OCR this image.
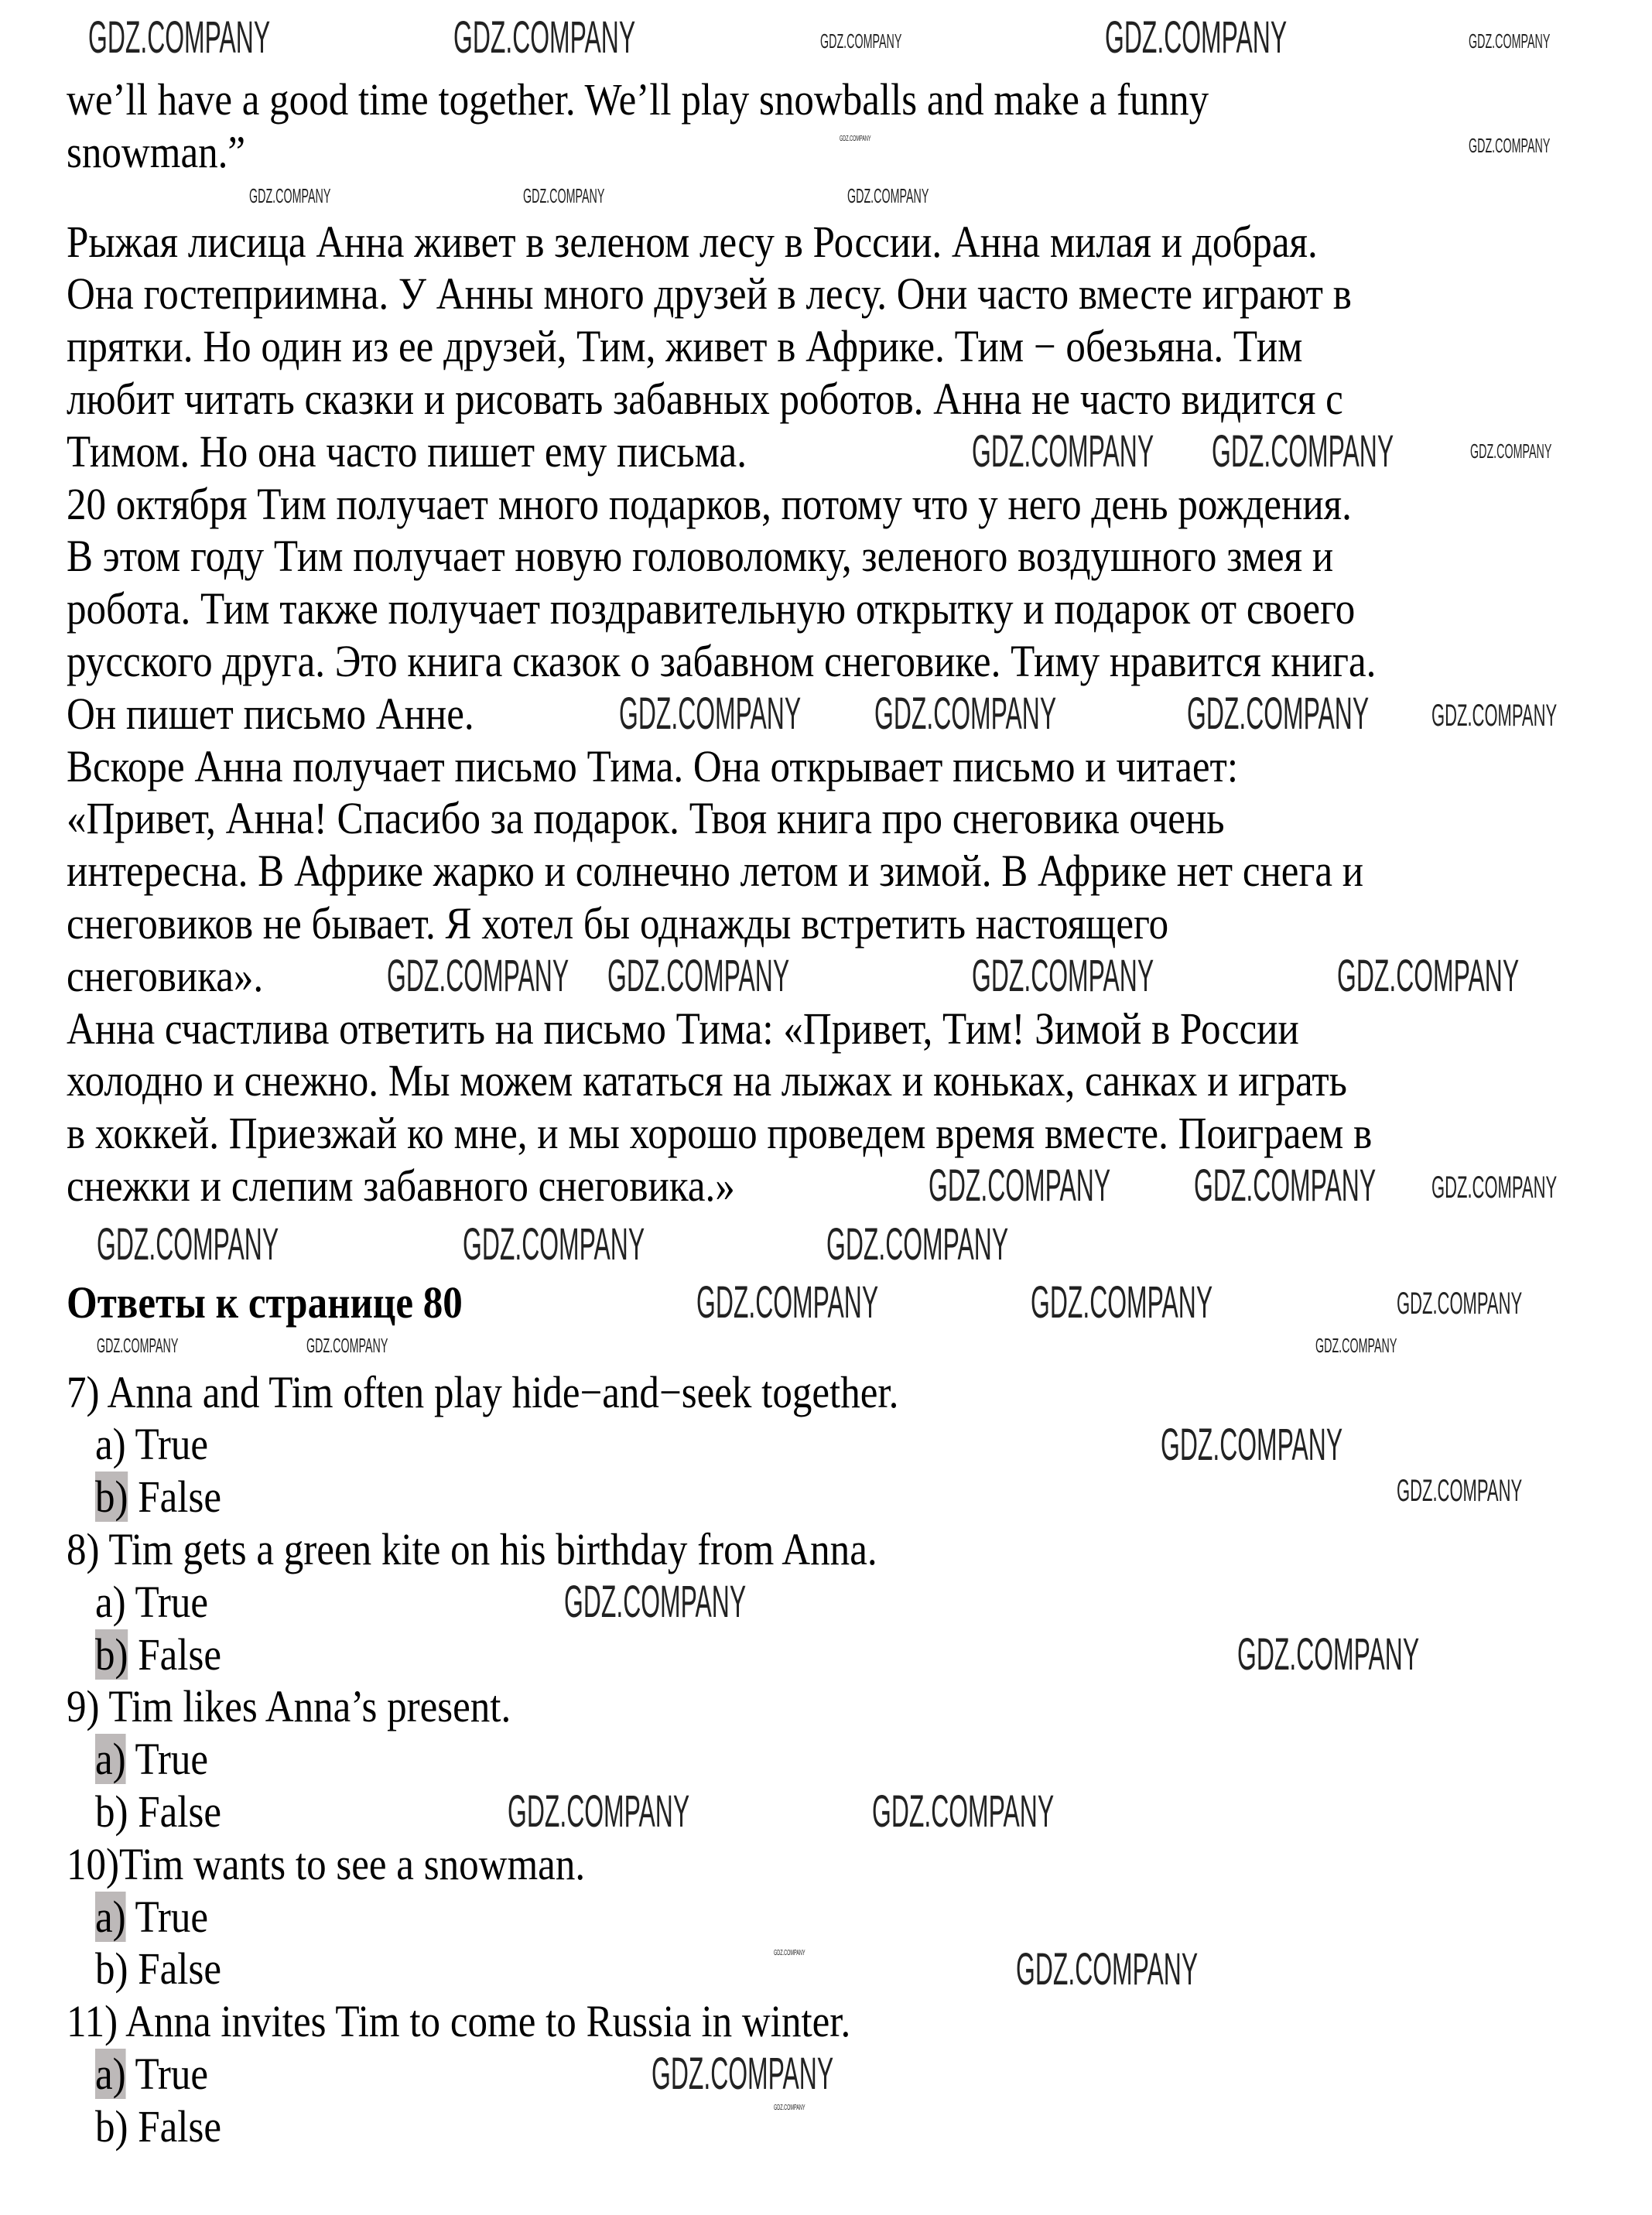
we’ll have a good time together. We’ll play snowballs and make a funny
snowman.”
Рыжая лисица Анна живет в зеленом лесу в России. Анна милая и добрая.
Она гостеприимна. У Анны много друзей в лесу. Они часто вместе играют в
прятки. Но один из ее друзей, Тим, живет в Африке. Тим − обезьяна. Тим
любит читать сказки и рисовать забавных роботов. Анна не часто видится с
Тимом. Но она часто пишет ему письма.
20 октября Тим получает много подарков, потому что у него день рождения.
В этом году Тим получает новую головоломку, зеленого воздушного змея и
робота. Тим также получает поздравительную открытку и подарок от своего
русского друга. Это книга сказок о забавном снеговике. Тиму нравится книга.
Он пишет письмо Анне.
Вскоре Анна получает письмо Тима. Она открывает письмо и читает:
«Привет, Анна! Спасибо за подарок. Твоя книга про снеговика очень
интересна. В Африке жарко и солнечно летом и зимой. В Африке нет снега и
снеговиков не бывает. Я хотел бы однажды встретить настоящего
снеговика».
Анна счастлива ответить на письмо Тима: «Привет, Тим! Зимой в России
холодно и снежно. Мы можем кататься на лыжах и коньках, санках и играть
в хоккей. Приезжай ко мне, и мы хорошо проведем время вместе. Поиграем в
снежки и слепим забавного снеговика.»
Ответы к странице 80
7) Anna and Tim often play hide−and−seek together.
a) True
b) False
8) Tim gets a green kite on his birthday from Anna.
a) True
b) False
9) Tim likes Anna’s present.
a) True
b) False
10)Tim wants to see a snowman.
a) True
b) False
11) Anna invites Tim to come to Russia in winter.
a) True
b) False
GDZ.COMPANY	GDZ.COMPANY	GDZ.COMPANY	GDZ.COMPANY	GDZ.COMPANY
GDZ.COMPANY
GDZ.COMPANY
GDZ.COMPANY	GDZ.COMPANY	GDZ.COMPANY
GDZ.COMPANY GDZ.COMPANY	GDZ.COMPANY
GDZ.COMPANY GDZ.COMPANY	GDZ.COMPANY GDZ.COMPANY
GDZ.COMPANY GDZ.COMPANY	GDZ.COMPANY	GDZ.COMPANY
GDZ.COMPANY GDZ.COMPANY GDZ.COMPANY
GDZ.COMPANY	GDZ.COMPANY	GDZ.COMPANY
GDZ.COMPANY	GDZ.COMPANY	GDZ.COMPANY
GDZ.COMPANY	GDZ.COMPANY	GDZ.COMPANY
GDZ.COMPANY
GDZ.COMPANY
GDZ.COMPANY
GDZ.COMPANY
GDZ.COMPANY	GDZ.COMPANY
GDZ.COMPANY
GDZ.COMPANY
GDZ.COMPANY
GDZ.COMPANY
